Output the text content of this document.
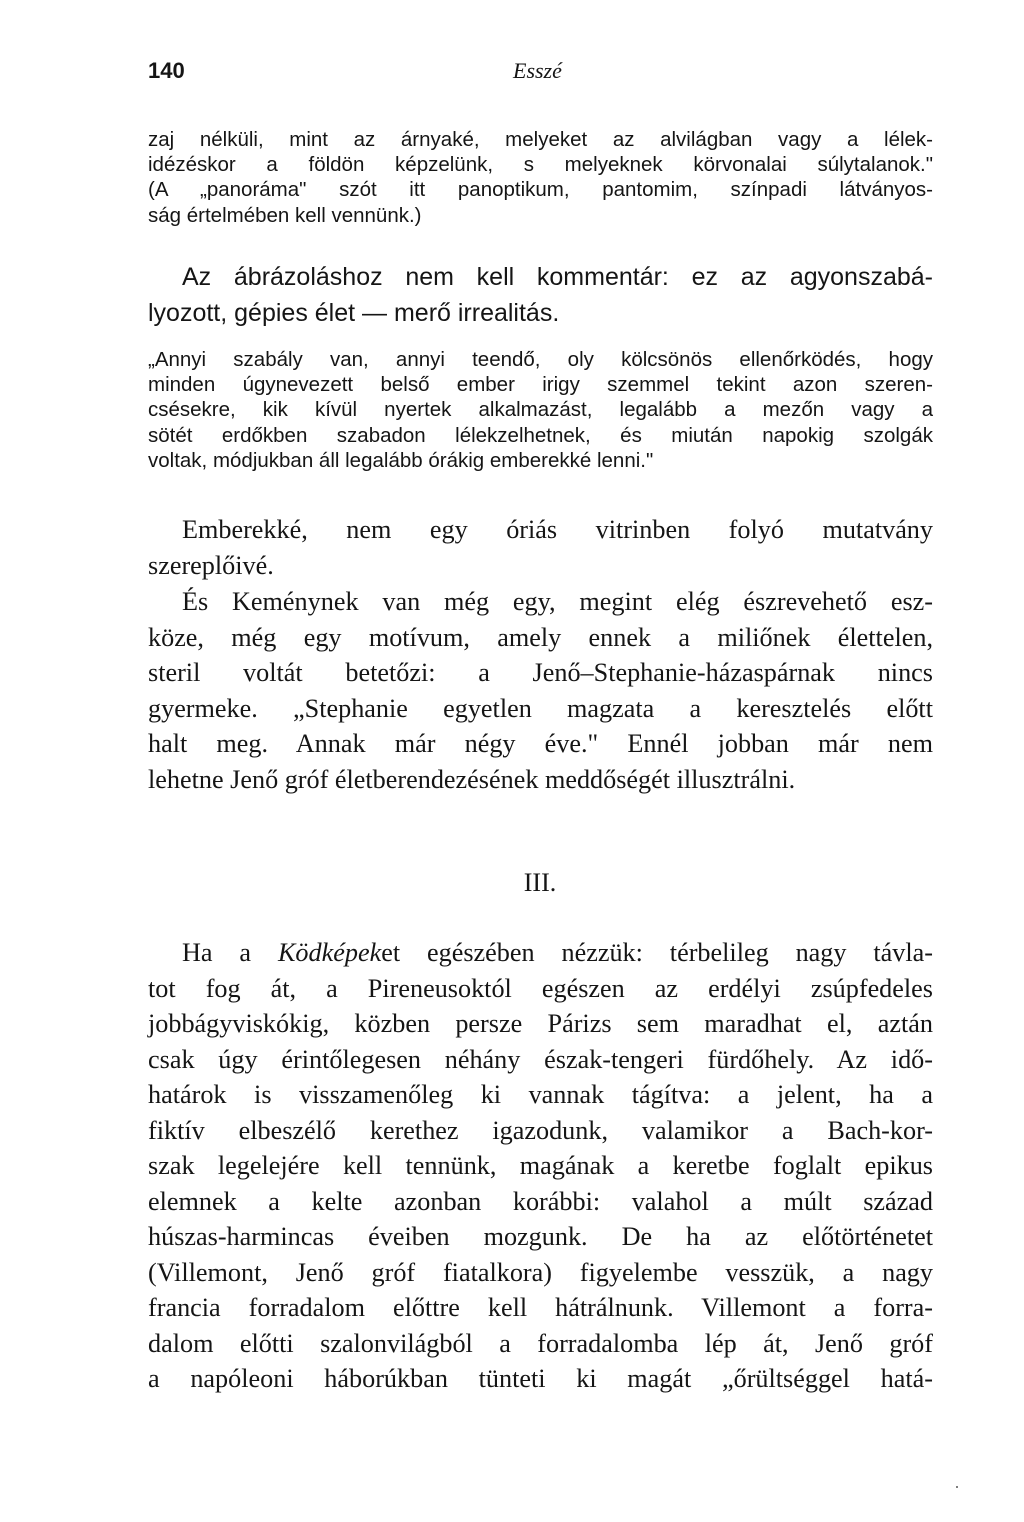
140	Esszé

zaj nélküli, mint az árnyaké, melyeket az alvilágban vagy a lélek-
idézéskor a földön képzelünk, s melyeknek körvonalai súlytalanok."
(A „panoráma" szót itt panoptikum, pantomim, színpadi látványos-
ság értelmében kell vennünk.)

Az ábrázoláshoz nem kell kommentár: ez az agyonszabá-
lyozott, gépies élet — merő irrealitás.

„Annyi szabály van, annyi teendő, oly kölcsönös ellenőrködés, hogy
minden úgynevezett belső ember irigy szemmel tekint azon szeren-
csésekre, kik kívül nyertek alkalmazást, legalább a mezőn vagy a
sötét erdőkben szabadon lélekzelhetnek, és miután napokig szolgák
voltak, módjukban áll legalább órákig emberekké lenni."

Emberekké, nem egy óriás vitrinben folyó mutatvány
szereplőivé.

És Keménynek van még egy, megint elég észrevehető esz-
köze, még egy motívum, amely ennek a miliőnek élettelen,
steril voltát betetőzi: a Jenő–Stephanie-házaspárnak nincs
gyermeke. „Stephanie egyetlen magzata a keresztelés előtt
halt meg. Annak már négy éve." Ennél jobban már nem
lehetne Jenő gróf életberendezésének meddőségét illusztrálni.

III.

Ha a Ködképeket egészében nézzük: térbelileg nagy távla-
tot fog át, a Pireneusoktól egészen az erdélyi zsúpfedeles
jobbágyviskókig, közben persze Párizs sem maradhat el, aztán
csak úgy érintőlegesen néhány észak-tengeri fürdőhely. Az idő-
határok is visszamenőleg ki vannak tágítva: a jelent, ha a
fiktív elbeszélő kerethez igazodunk, valamikor a Bach-kor-
szak legelejére kell tennünk, magának a keretbe foglalt epikus
elemnek a kelte azonban korábbi: valahol a múlt század
húszas-harmincas éveiben mozgunk. De ha az előtörténetet
(Villemont, Jenő gróf fiatalkora) figyelembe vesszük, a nagy
francia forradalom előttre kell hátrálnunk. Villemont a forra-
dalom előtti szalonvilágból a forradalomba lép át, Jenő gróf
a napóleoni háborúkban tünteti ki magát „őrültséggel hatá-
